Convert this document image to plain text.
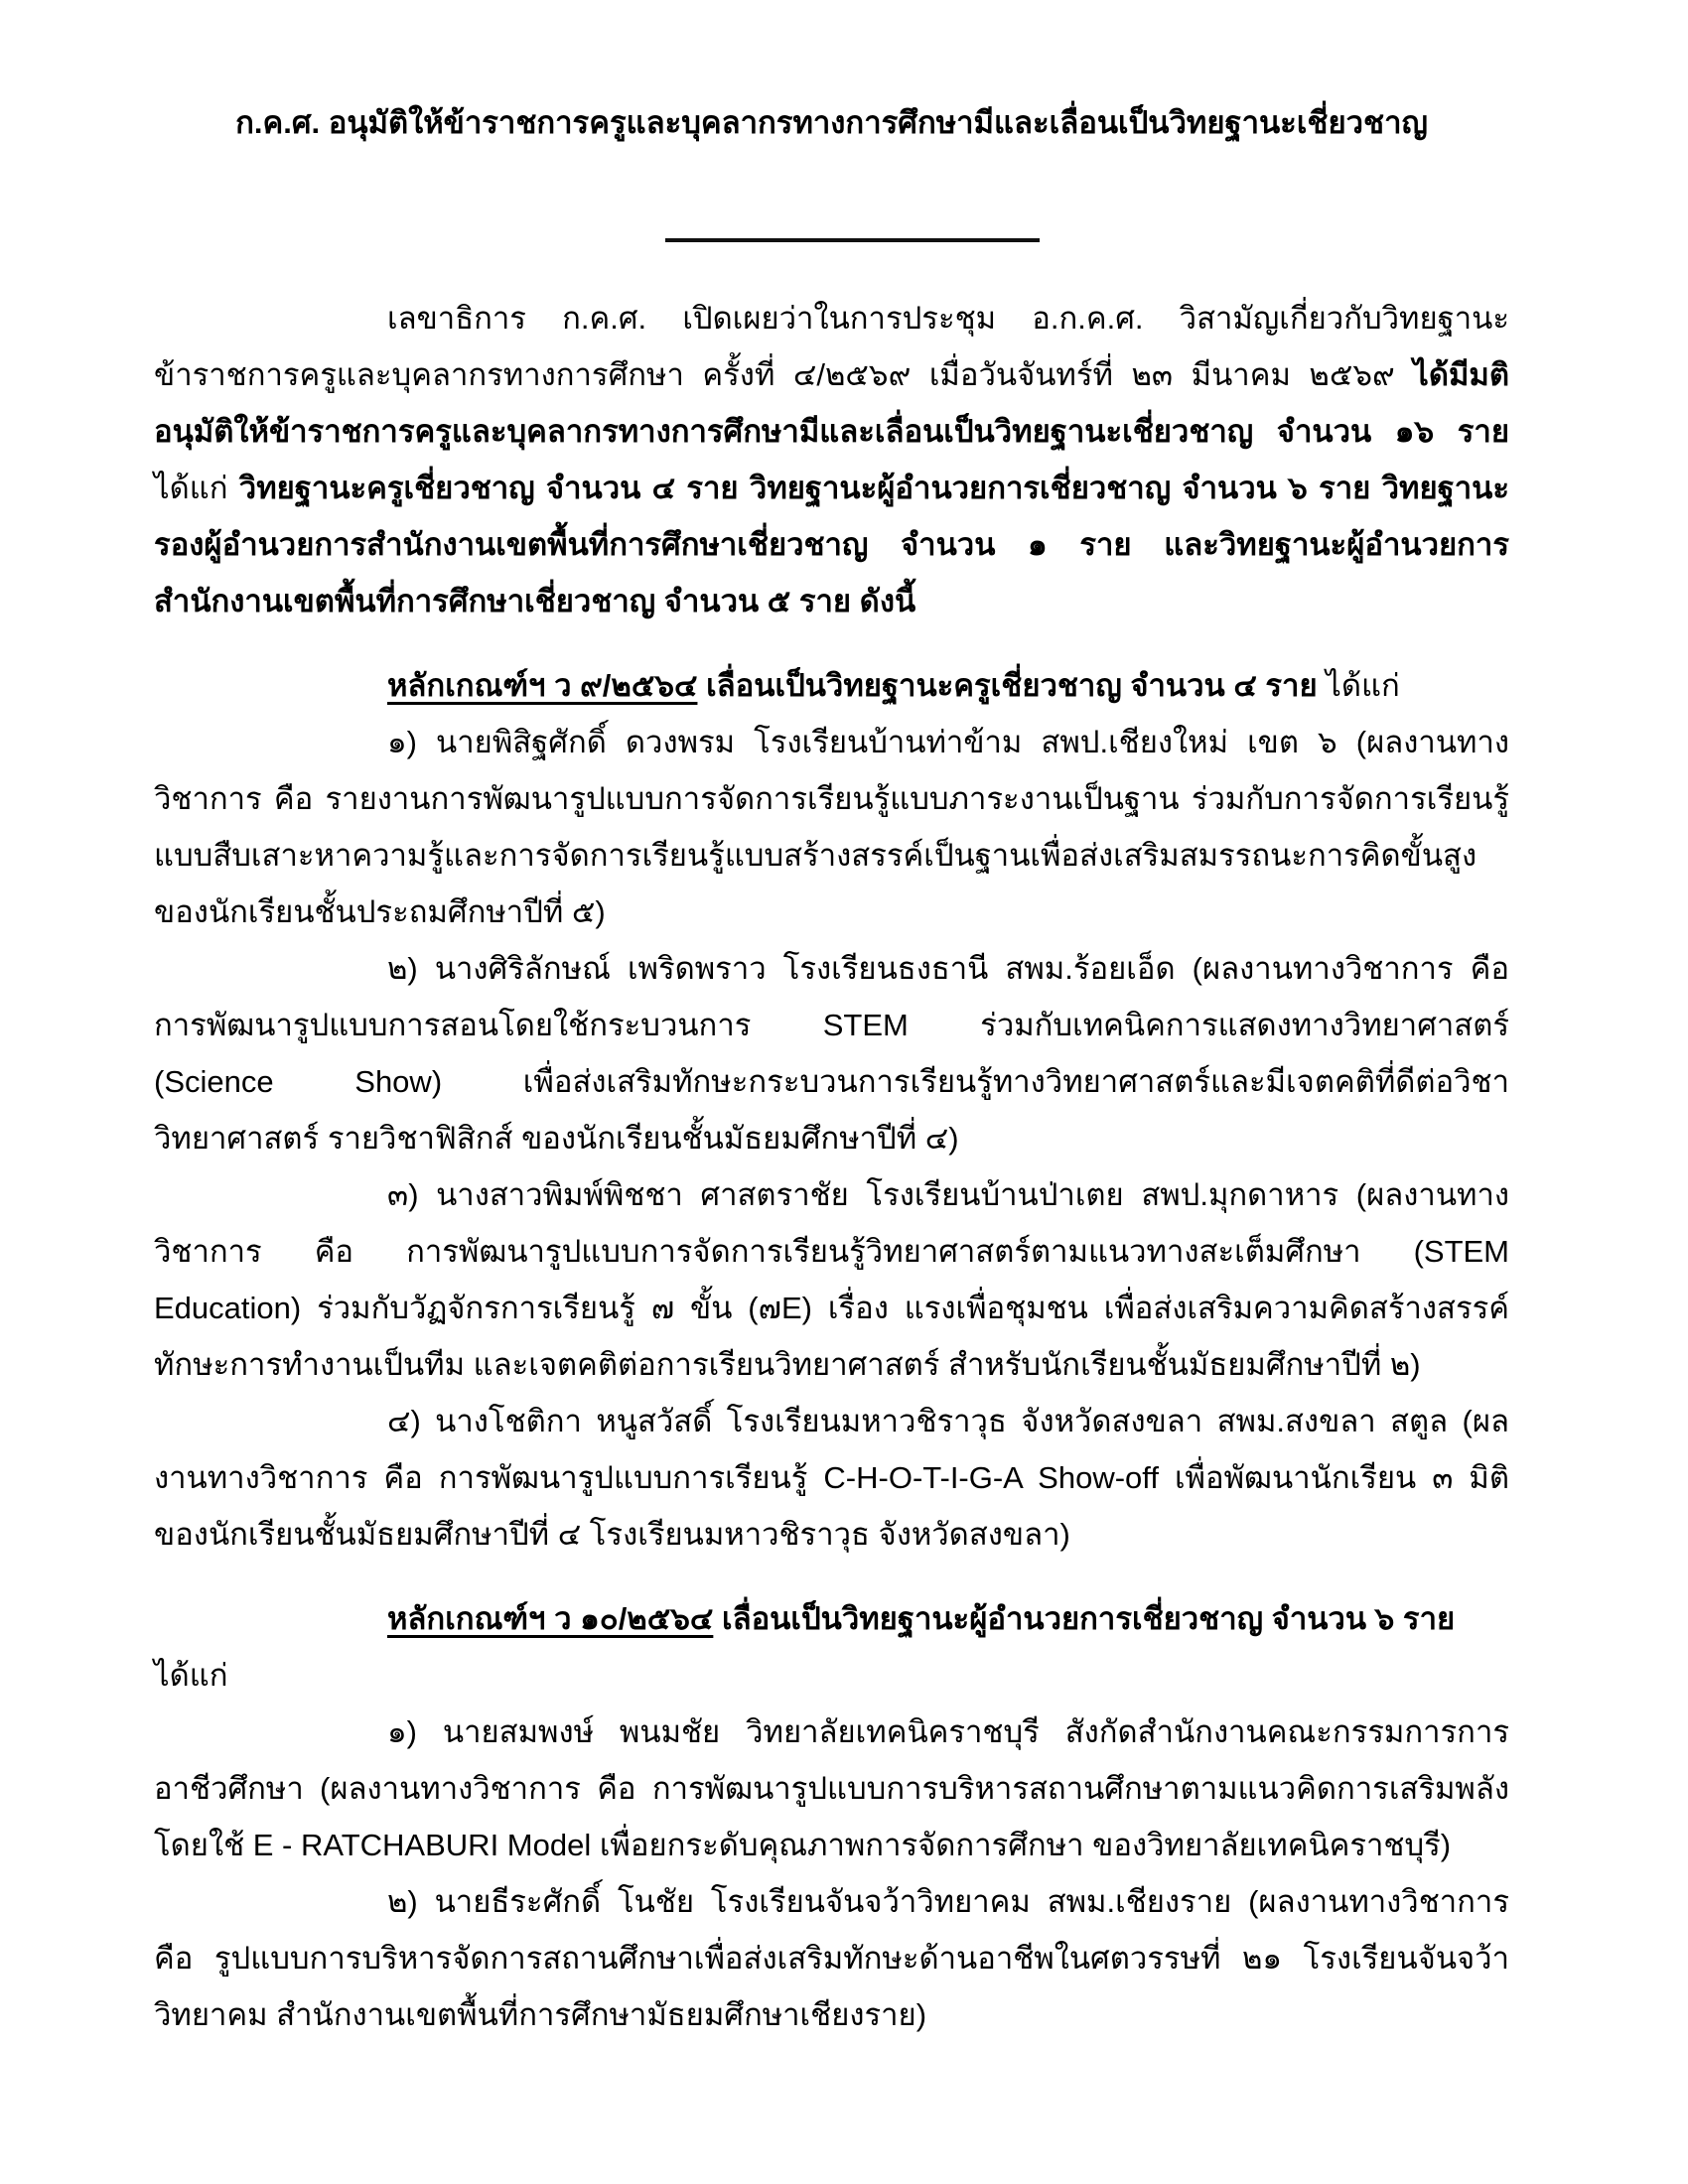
ก.ค.ศ. อนุมัติให้ข้าราชการครูและบุคลากรทางการศึกษามีและเลื่อนเป็นวิทยฐานะเชี่ยวชาญ

เลขาธิการ ก.ค.ศ. เปิดเผยว่าในการประชุม อ.ก.ค.ศ. วิสามัญเกี่ยวกับวิทยฐานะข้าราชการครูและบุคลากรทางการศึกษา ครั้งที่ ๔/๒๕๖๙ เมื่อวันจันทร์ที่ ๒๓ มีนาคม ๒๕๖๙ ได้มีมติอนุมัติให้ข้าราชการครูและบุคลากรทางการศึกษามีและเลื่อนเป็นวิทยฐานะเชี่ยวชาญ จำนวน ๑๖ ราย ได้แก่ วิทยฐานะครูเชี่ยวชาญ จำนวน ๔ ราย วิทยฐานะผู้อำนวยการเชี่ยวชาญ จำนวน ๖ ราย วิทยฐานะรองผู้อำนวยการสำนักงานเขตพื้นที่การศึกษาเชี่ยวชาญ จำนวน ๑ ราย และวิทยฐานะผู้อำนวยการสำนักงานเขตพื้นที่การศึกษาเชี่ยวชาญ จำนวน ๕ ราย ดังนี้

หลักเกณฑ์ฯ ว ๙/๒๕๖๔ เลื่อนเป็นวิทยฐานะครูเชี่ยวชาญ จำนวน ๔ ราย ได้แก่

๑) นายพิสิฐศักดิ์ ดวงพรม โรงเรียนบ้านท่าข้าม สพป.เชียงใหม่ เขต ๖ (ผลงานทางวิชาการ คือ รายงานการพัฒนารูปแบบการจัดการเรียนรู้แบบภาระงานเป็นฐาน ร่วมกับการจัดการเรียนรู้แบบสืบเสาะหาความรู้และการจัดการเรียนรู้แบบสร้างสรรค์เป็นฐานเพื่อส่งเสริมสมรรถนะการคิดขั้นสูงของนักเรียนชั้นประถมศึกษาปีที่ ๕)

๒) นางศิริลักษณ์ เพริดพราว โรงเรียนธงธานี สพม.ร้อยเอ็ด (ผลงานทางวิชาการ คือ การพัฒนารูปแบบการสอนโดยใช้กระบวนการ STEM ร่วมกับเทคนิคการแสดงทางวิทยาศาสตร์ (Science Show) เพื่อส่งเสริมทักษะกระบวนการเรียนรู้ทางวิทยาศาสตร์และมีเจตคติที่ดีต่อวิชาวิทยาศาสตร์ รายวิชาฟิสิกส์ ของนักเรียนชั้นมัธยมศึกษาปีที่ ๔)

๓) นางสาวพิมพ์พิชชา ศาสตราชัย โรงเรียนบ้านป่าเตย สพป.มุกดาหาร (ผลงานทางวิชาการ คือ การพัฒนารูปแบบการจัดการเรียนรู้วิทยาศาสตร์ตามแนวทางสะเต็มศึกษา (STEM Education) ร่วมกับวัฏจักรการเรียนรู้ ๗ ขั้น (๗E) เรื่อง แรงเพื่อชุมชน เพื่อส่งเสริมความคิดสร้างสรรค์ ทักษะการทำงานเป็นทีม และเจตคติต่อการเรียนวิทยาศาสตร์ สำหรับนักเรียนชั้นมัธยมศึกษาปีที่ ๒)

๔) นางโชติกา หนูสวัสดิ์ โรงเรียนมหาวชิราวุธ จังหวัดสงขลา สพม.สงขลา สตูล (ผลงานทางวิชาการ คือ การพัฒนารูปแบบการเรียนรู้ C-H-O-T-I-G-A Show-off เพื่อพัฒนานักเรียน ๓ มิติ ของนักเรียนชั้นมัธยมศึกษาปีที่ ๔ โรงเรียนมหาวชิราวุธ จังหวัดสงขลา)

หลักเกณฑ์ฯ ว ๑๐/๒๕๖๔ เลื่อนเป็นวิทยฐานะผู้อำนวยการเชี่ยวชาญ จำนวน ๖ ราย ได้แก่

๑) นายสมพงษ์ พนมชัย วิทยาลัยเทคนิคราชบุรี สังกัดสำนักงานคณะกรรมการการอาชีวศึกษา (ผลงานทางวิชาการ คือ การพัฒนารูปแบบการบริหารสถานศึกษาตามแนวคิดการเสริมพลัง โดยใช้ E - RATCHABURI Model เพื่อยกระดับคุณภาพการจัดการศึกษา ของวิทยาลัยเทคนิคราชบุรี)

๒) นายธีระศักดิ์ โนชัย โรงเรียนจันจว้าวิทยาคม สพม.เชียงราย (ผลงานทางวิชาการ คือ รูปแบบการบริหารจัดการสถานศึกษาเพื่อส่งเสริมทักษะด้านอาชีพในศตวรรษที่ ๒๑ โรงเรียนจันจว้าวิทยาคม สำนักงานเขตพื้นที่การศึกษามัธยมศึกษาเชียงราย)
